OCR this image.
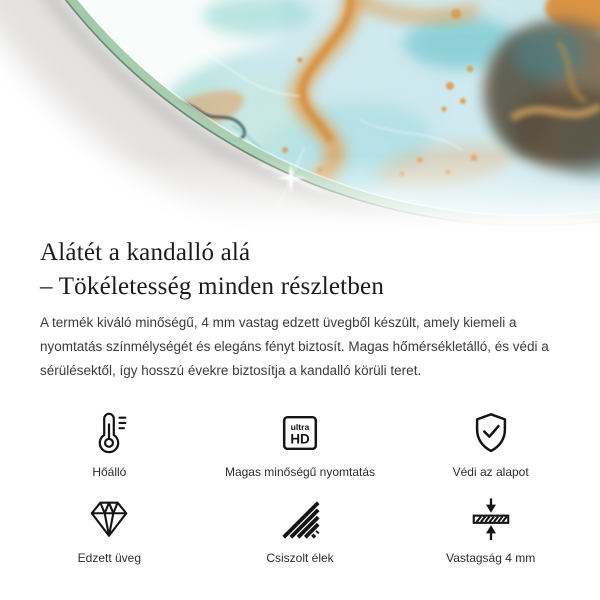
Alátét a kandalló alá
– Tökéletesség minden részletben

A termék kiváló minőségű, 4 mm vastag edzett üvegből készült, amely kiemeli a nyomtatás színmélységét és elegáns fényt biztosít. Magas hőmérsékletálló, és védi a sérülésektől, így hosszú évekre biztosítja a kandalló körüli teret.

Hőálló
ultra
HD
Magas minőségű nyomtatás	Védi az alapot
Edzett üveg	Csiszolt élek	Vastagság 4 mm
